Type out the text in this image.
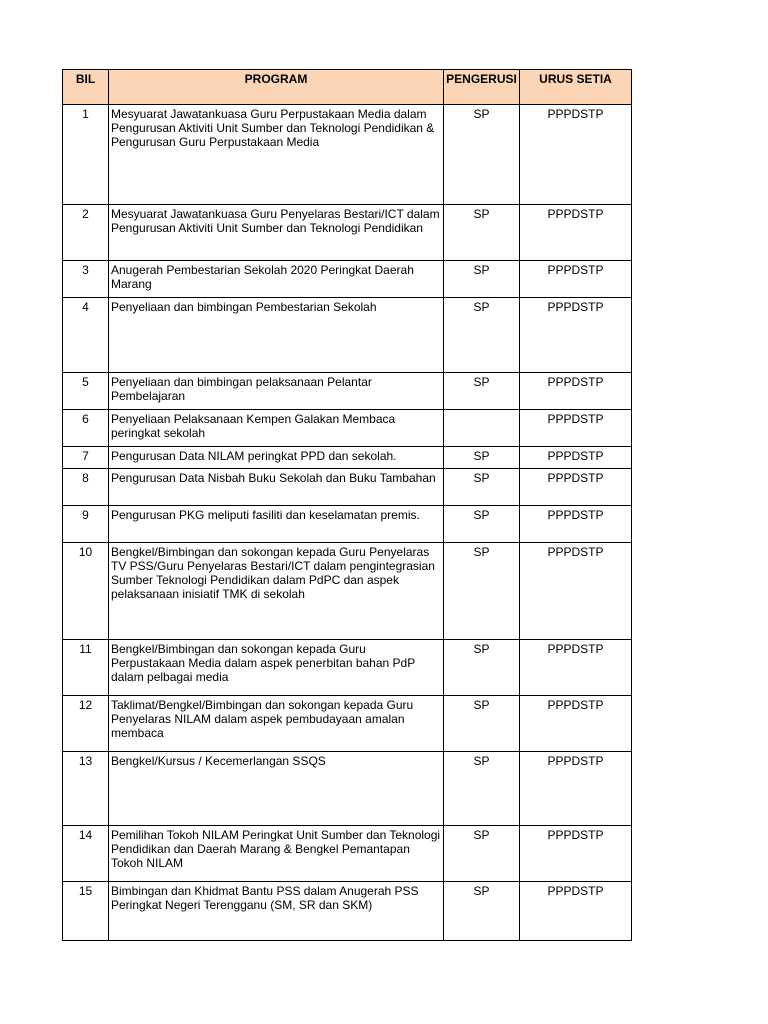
BIL	PROGRAM	PENGERUSI	URUS SETIA
1	Mesyuarat Jawatankuasa Guru Perpustakaan Media dalam Pengurusan Aktiviti Unit Sumber dan Teknologi Pendidikan & Pengurusan Guru Perpustakaan Media	SP	PPPDSTP
2	Mesyuarat Jawatankuasa Guru Penyelaras Bestari/ICT dalam Pengurusan Aktiviti Unit Sumber dan Teknologi Pendidikan	SP	PPPDSTP
3	Anugerah Pembestarian Sekolah 2020 Peringkat Daerah Marang	SP	PPPDSTP
4	Penyeliaan dan bimbingan Pembestarian Sekolah	SP	PPPDSTP
5	Penyeliaan dan bimbingan pelaksanaan Pelantar Pembelajaran	SP	PPPDSTP
6	Penyeliaan Pelaksanaan Kempen Galakan Membaca peringkat sekolah		PPPDSTP
7	Pengurusan Data NILAM peringkat PPD dan sekolah.	SP	PPPDSTP
8	Pengurusan Data Nisbah Buku Sekolah dan Buku Tambahan	SP	PPPDSTP
9	Pengurusan PKG meliputi fasiliti dan keselamatan premis.	SP	PPPDSTP
10	Bengkel/Bimbingan dan sokongan kepada Guru Penyelaras TV PSS/Guru Penyelaras Bestari/ICT dalam pengintegrasian Sumber Teknologi Pendidikan dalam PdPC dan aspek pelaksanaan inisiatif TMK di sekolah	SP	PPPDSTP
11	Bengkel/Bimbingan dan sokongan kepada Guru Perpustakaan Media dalam aspek penerbitan bahan PdP dalam pelbagai media	SP	PPPDSTP
12	Taklimat/Bengkel/Bimbingan dan sokongan kepada Guru Penyelaras NILAM dalam aspek pembudayaan amalan membaca	SP	PPPDSTP
13	Bengkel/Kursus / Kecemerlangan SSQS	SP	PPPDSTP
14	Pemilihan Tokoh NILAM Peringkat Unit Sumber dan Teknologi Pendidikan dan Daerah Marang & Bengkel Pemantapan Tokoh NILAM	SP	PPPDSTP
15	Bimbingan dan Khidmat Bantu PSS dalam Anugerah PSS Peringkat Negeri Terengganu (SM, SR dan SKM)	SP	PPPDSTP
